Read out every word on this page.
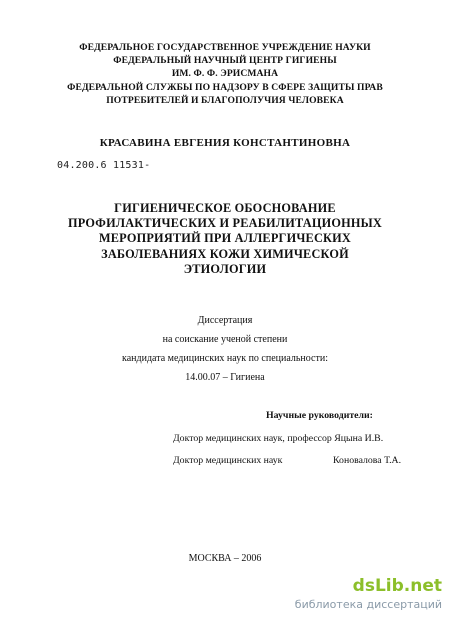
ФЕДЕРАЛЬНОЕ ГОСУДАРСТВЕННОЕ УЧРЕЖДЕНИЕ НАУКИ
ФЕДЕРАЛЬНЫЙ НАУЧНЫЙ ЦЕНТР ГИГИЕНЫ
ИМ. Ф. Ф. ЭРИСМАНА
ФЕДЕРАЛЬНОЙ СЛУЖБЫ ПО НАДЗОРУ В СФЕРЕ ЗАЩИТЫ ПРАВ
ПОТРЕБИТЕЛЕЙ И БЛАГОПОЛУЧИЯ ЧЕЛОВЕКА
КРАСАВИНА ЕВГЕНИЯ КОНСТАНТИНОВНА
04.200.6 11531-
ГИГИЕНИЧЕСКОЕ ОБОСНОВАНИЕ
ПРОФИЛАКТИЧЕСКИХ И РЕАБИЛИТАЦИОННЫХ
МЕРОПРИЯТИЙ ПРИ АЛЛЕРГИЧЕСКИХ
ЗАБОЛЕВАНИЯХ КОЖИ ХИМИЧЕСКОЙ
ЭТИОЛОГИИ
Диссертация
на соискание ученой степени
кандидата медицинских наук по специальности:
14.00.07 – Гигиена
Научные руководители:
Доктор медицинских наук, профессор Яцына И.В.
Доктор медицинских наук	Коновалова Т.А.
МОСКВА – 2006
dsLib.net
библиотека диссертаций
